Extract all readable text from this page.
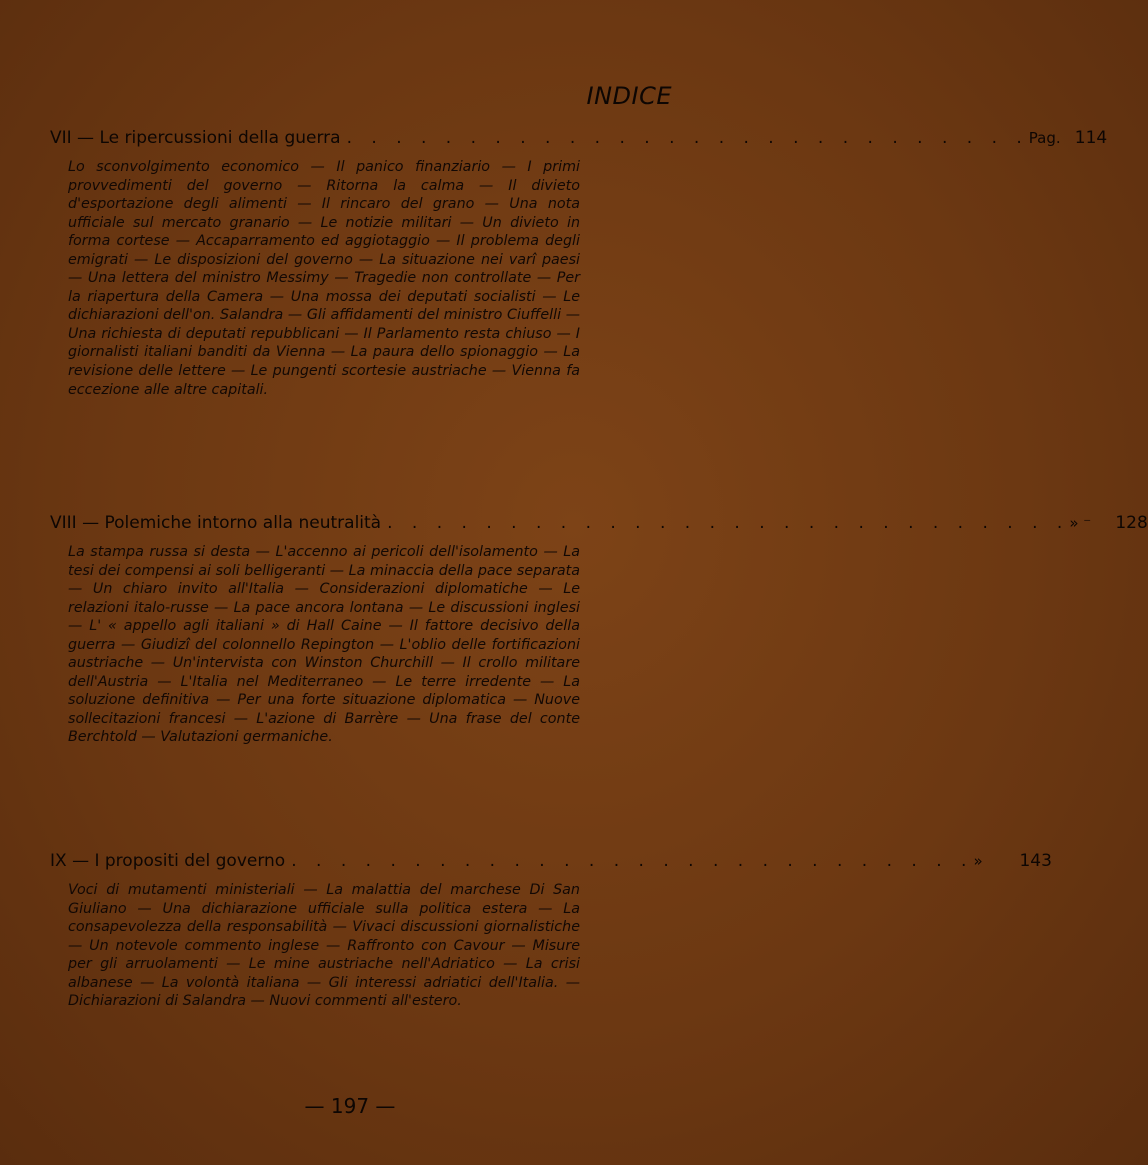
INDICE
VII — Le ripercussioni della guerra . . . . . . . . . . . . . . . . . . . . . . . . . . . . Pag. 114
Lo sconvolgimento economico — Il panico finanziario — I primi provvedimenti del governo — Ritorna la calma — Il divieto d'esportazione degli alimenti — Il rincaro del grano — Una nota ufficiale sul mercato granario — Le notizie militari — Un divieto in forma cortese — Accaparramento ed aggiotaggio — Il problema degli emigrati — Le disposizioni del governo — La situazione nei varî paesi — Una lettera del ministro Messimy — Tragedie non controllate — Per la riapertura della Camera — Una mossa dei deputati socialisti — Le dichiarazioni dell'on. Salandra — Gli affidamenti del ministro Ciuffelli — Una richiesta di deputati repubblicani — Il Parlamento resta chiuso — I giornalisti italiani banditi da Vienna — La paura dello spionaggio — La revisione delle lettere — Le pungenti scortesie austriache — Vienna fa eccezione alle altre capitali.
VIII — Polemiche intorno alla neutralità . . . . . . . . . . . . . . . . . . . . . . . . . . . . » ⁻	128
La stampa russa si desta — L'accenno ai pericoli dell'isolamento — La tesi dei compensi ai soli belligeranti — La minaccia della pace separata — Un chiaro invito all'Italia — Considerazioni diplomatiche — Le relazioni italo-russe — La pace ancora lontana — Le discussioni inglesi — L' « appello agli italiani » di Hall Caine — Il fattore decisivo della guerra — Giudizî del colonnello Repington — L'oblio delle fortificazioni austriache — Un'intervista con Winston Churchill — Il crollo militare dell'Austria — L'Italia nel Mediterraneo — Le terre irredente — La soluzione definitiva — Per una forte situazione diplomatica — Nuove sollecitazioni francesi — L'azione di Barrère — Una frase del conte Berchtold — Valutazioni germaniche.
IX — I propositi del governo . . . . . . . . . . . . . . . . . . . . . . . . . . . . »	143
Voci di mutamenti ministeriali — La malattia del marchese Di San Giuliano — Una dichiarazione ufficiale sulla politica estera — La consapevolezza della responsabilità — Vivaci discussioni giornalistiche — Un notevole commento inglese — Raffronto con Cavour — Misure per gli arruolamenti — Le mine austriache nell'Adriatico — La crisi albanese — La volontà italiana — Gli interessi adriatici dell'Italia. — Dichiarazioni di Salandra — Nuovi commenti all'estero.
— 197 —
